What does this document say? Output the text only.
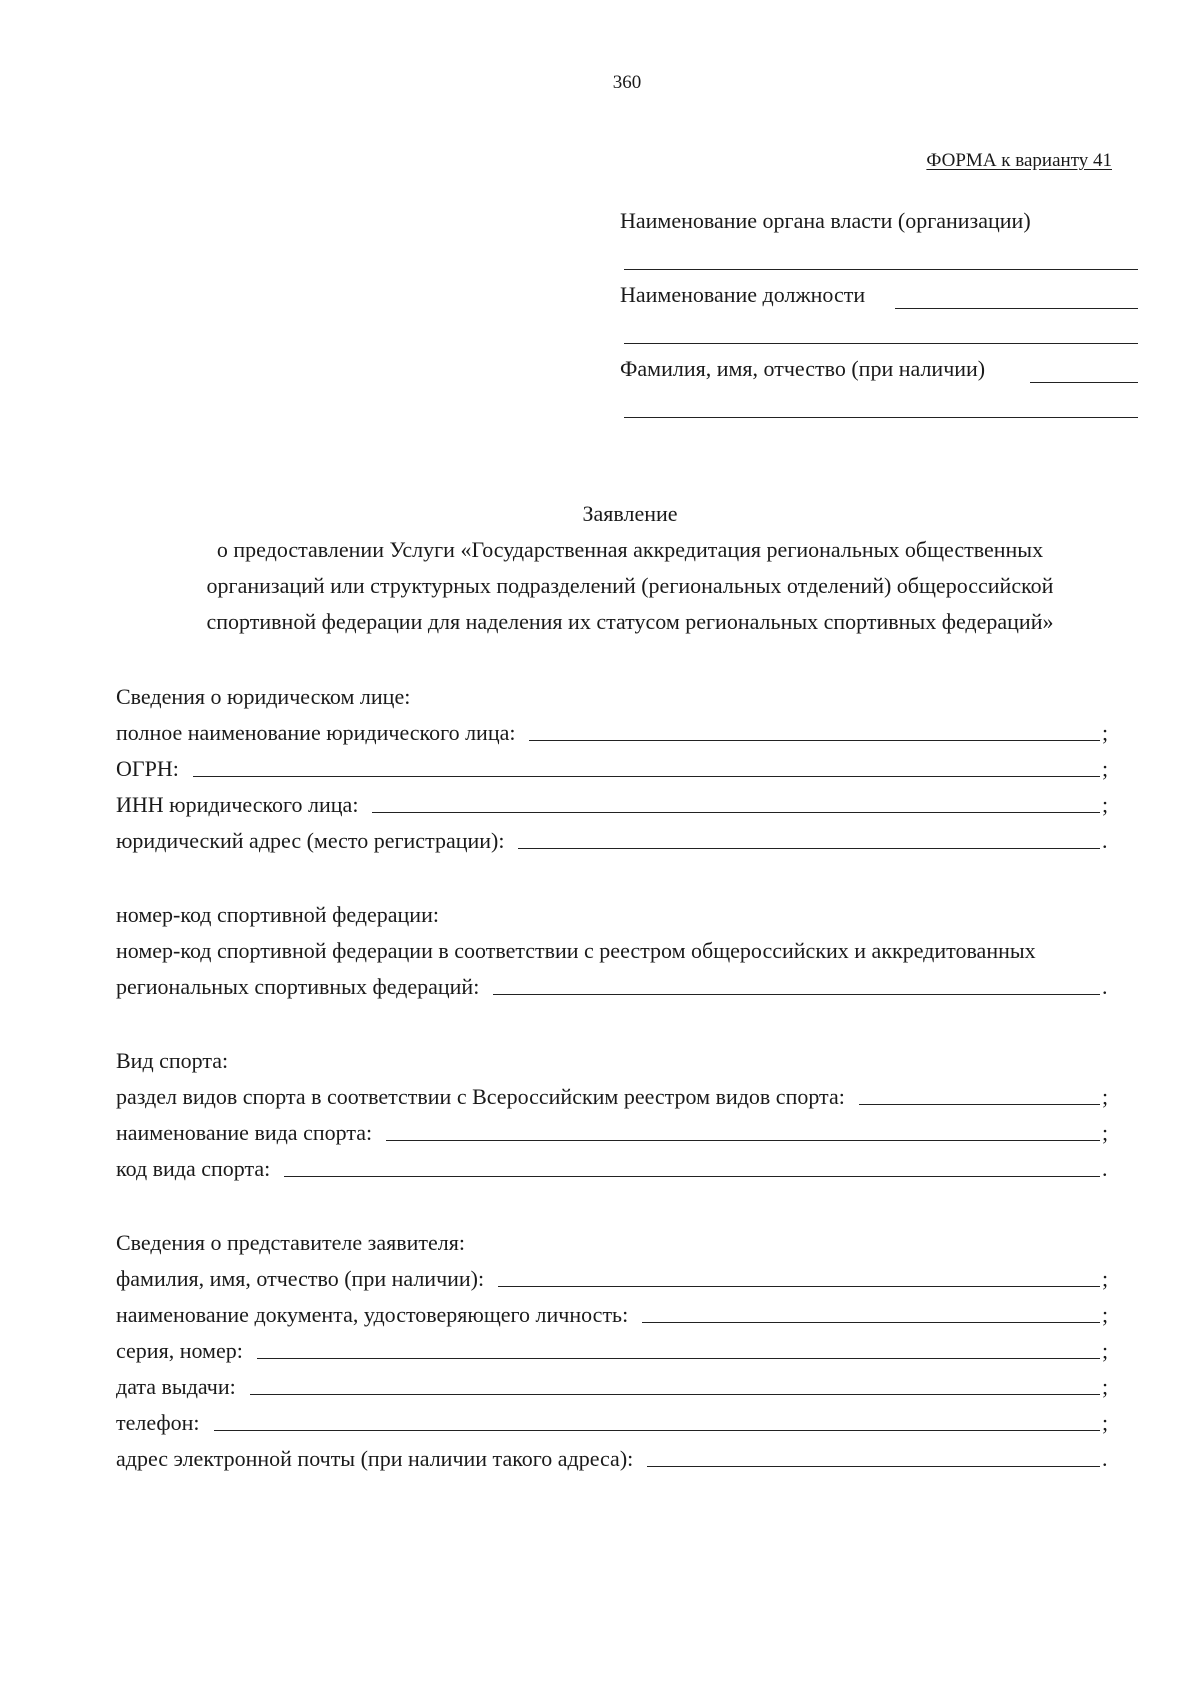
360
ФОРМА к варианту 41
Наименование органа власти (организации)
Наименование должности
Фамилия, имя, отчество (при наличии)
Заявление
о предоставлении Услуги «Государственная аккредитация региональных общественных
организаций или структурных подразделений (региональных отделений) общероссийской
спортивной федерации для наделения их статусом региональных спортивных федераций»
Сведения о юридическом лице:
полное наименование юридического лица:	;
ОГРН:	;
ИНН юридического лица:	;
юридический адрес (место регистрации):	.
номер-код спортивной федерации:
номер-код спортивной федерации в соответствии с реестром общероссийских и аккредитованных
региональных спортивных федераций:	.
Вид спорта:
раздел видов спорта в соответствии с Всероссийским реестром видов спорта:	;
наименование вида спорта:	;
код вида спорта:	.
Сведения о представителе заявителя:
фамилия, имя, отчество (при наличии):	;
наименование документа, удостоверяющего личность:	;
серия, номер:	;
дата выдачи:	;
телефон:	;
адрес электронной почты (при наличии такого адреса):	.
